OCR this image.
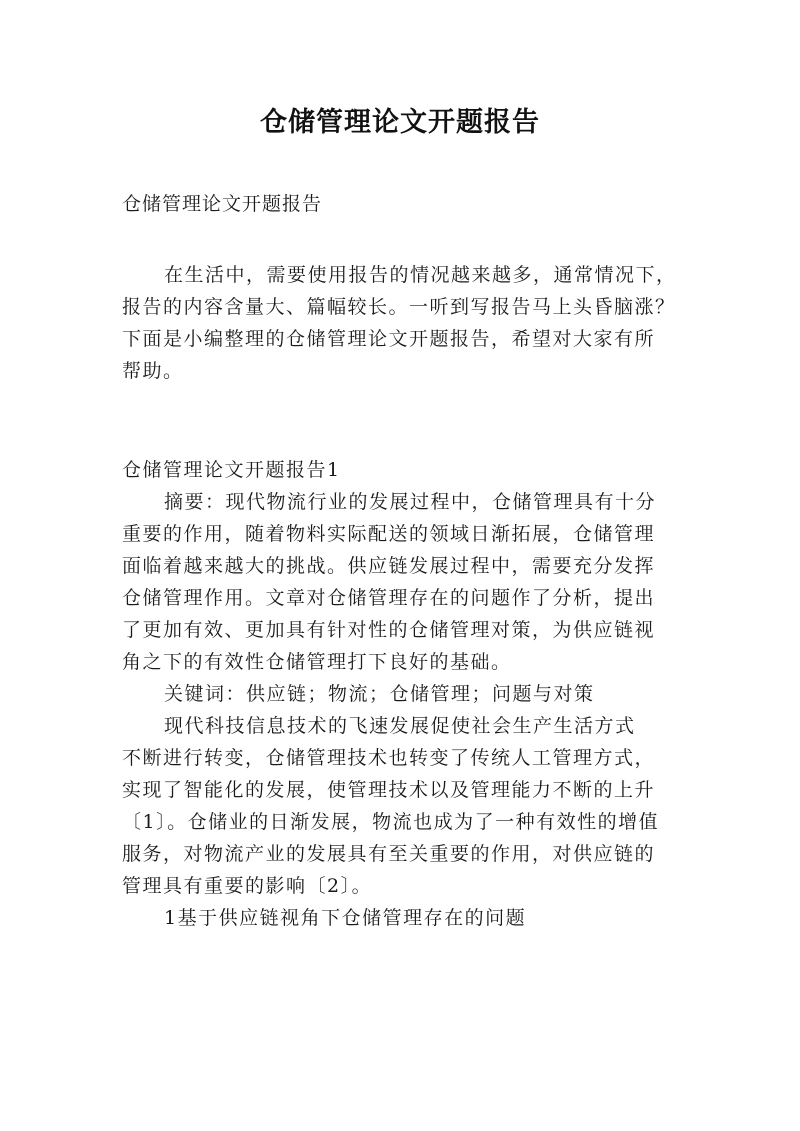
仓储管理论文开题报告
仓储管理论文开题报告
在生活中，需要使用报告的情况越来越多，通常情况下，
报告的内容含量大、篇幅较长。一听到写报告马上头昏脑涨？
下面是小编整理的仓储管理论文开题报告，希望对大家有所
帮助。
仓储管理论文开题报告1
摘要：现代物流行业的发展过程中，仓储管理具有十分
重要的作用，随着物料实际配送的领域日渐拓展，仓储管理
面临着越来越大的挑战。供应链发展过程中，需要充分发挥
仓储管理作用。文章对仓储管理存在的问题作了分析，提出
了更加有效、更加具有针对性的仓储管理对策，为供应链视
角之下的有效性仓储管理打下良好的基础。
关键词：供应链；物流；仓储管理；问题与对策
现代科技信息技术的飞速发展促使社会生产生活方式
不断进行转变，仓储管理技术也转变了传统人工管理方式，
实现了智能化的发展，使管理技术以及管理能力不断的上升
〔1〕。仓储业的日渐发展，物流也成为了一种有效性的增值
服务，对物流产业的发展具有至关重要的作用，对供应链的
管理具有重要的影响〔2〕。
1基于供应链视角下仓储管理存在的问题
